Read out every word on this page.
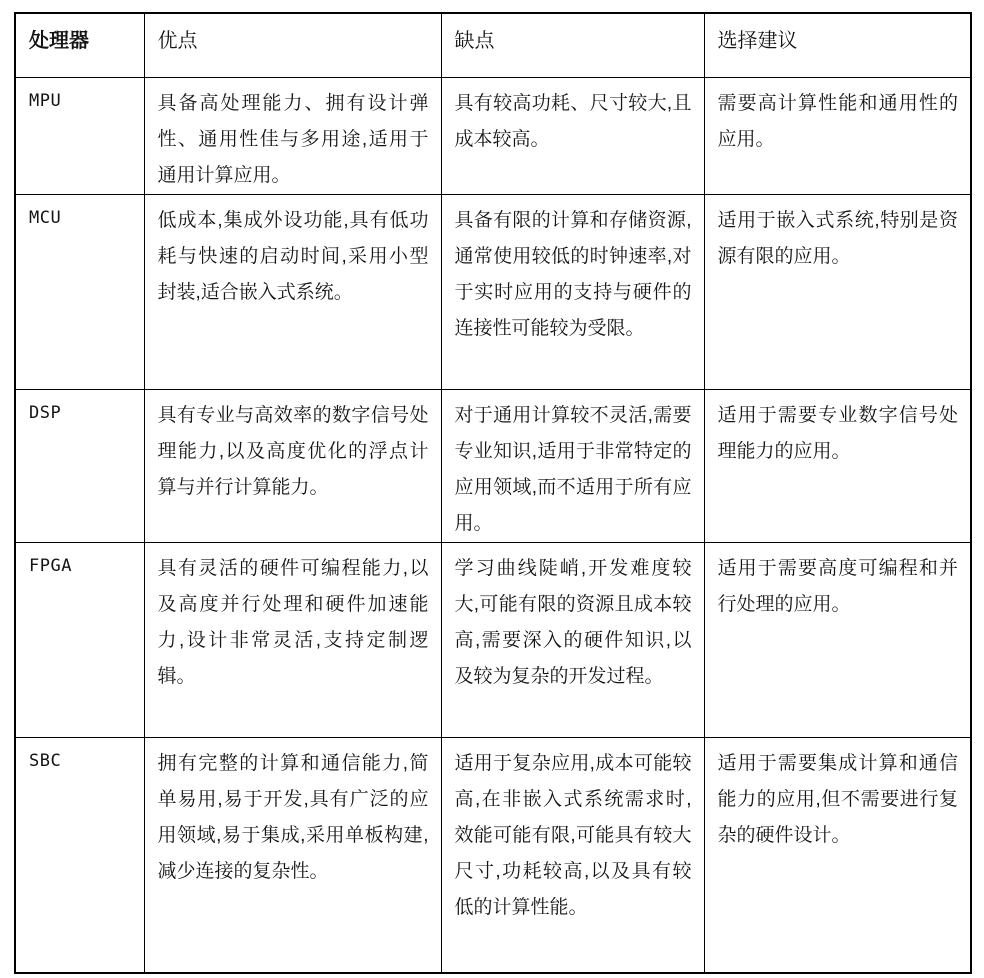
处理器	优点	缺点	选择建议
MPU	具备高处理能力、拥有设计弹性、通用性佳与多用途,适用于通用计算应用。	具有较高功耗、尺寸较大,且成本较高。	需要高计算性能和通用性的应用。
MCU	低成本,集成外设功能,具有低功耗与快速的启动时间,采用小型封装,适合嵌入式系统。	具备有限的计算和存储资源,通常使用较低的时钟速率,对于实时应用的支持与硬件的连接性可能较为受限。	适用于嵌入式系统,特别是资源有限的应用。
DSP	具有专业与高效率的数字信号处理能力,以及高度优化的浮点计算与并行计算能力。	对于通用计算较不灵活,需要专业知识,适用于非常特定的应用领域,而不适用于所有应用。	适用于需要专业数字信号处理能力的应用。
FPGA	具有灵活的硬件可编程能力,以及高度并行处理和硬件加速能力,设计非常灵活,支持定制逻辑。	学习曲线陡峭,开发难度较大,可能有限的资源且成本较高,需要深入的硬件知识,以及较为复杂的开发过程。	适用于需要高度可编程和并行处理的应用。
SBC	拥有完整的计算和通信能力,简单易用,易于开发,具有广泛的应用领域,易于集成,采用单板构建,减少连接的复杂性。	适用于复杂应用,成本可能较高,在非嵌入式系统需求时,效能可能有限,可能具有较大尺寸,功耗较高,以及具有较低的计算性能。	适用于需要集成计算和通信能力的应用,但不需要进行复杂的硬件设计。
